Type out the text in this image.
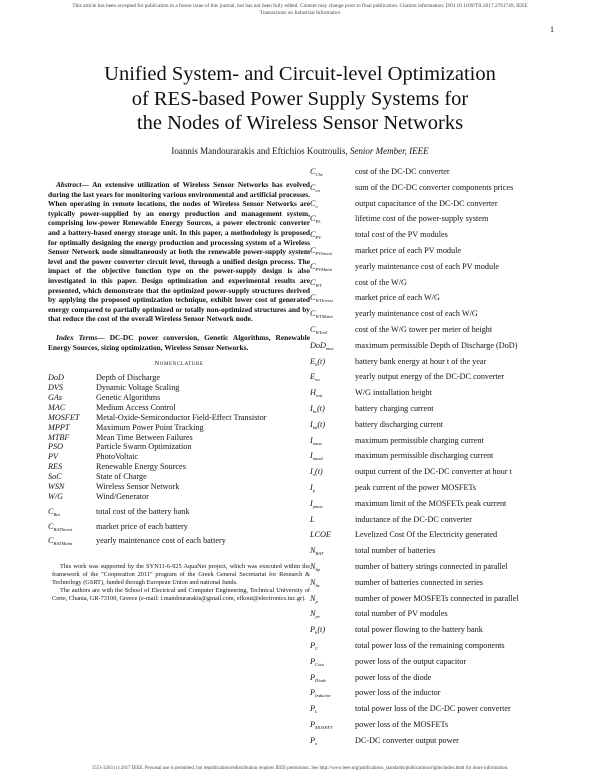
This article has been accepted for publication in a future issue of this journal, but has not been fully edited. Content may change prior to final publication. Citation information: DOI 10.1109/TII.2017.2761749, IEEE
Transactions on Industrial Informatics
1
Unified System- and Circuit-level Optimization
of RES-based Power Supply Systems for
the Nodes of Wireless Sensor Networks
Ioannis Mandourarakis and Eftichios Koutroulis, Senior Member, IEEE

Abstract— An extensive utilization of Wireless Sensor Networks has evolved during the last years for monitoring various environmental and artificial processes. When operating in remote locations, the nodes of Wireless Sensor Networks are typically power-supplied by an energy production and management system, comprising low-power Renewable Energy Sources, a power electronic converter and a battery-based energy storage unit. In this paper, a methodology is proposed for optimally designing the energy production and processing system of a Wireless Sensor Network node simultaneously at both the renewable power-supply system level and the power converter circuit level, through a unified design process. The impact of the objective function type on the power-supply design is also investigated in this paper. Design optimization and experimental results are presented, which demonstrate that the optimized power-supply structures derived by applying the proposed optimization technique, exhibit lower cost of generated energy compared to partially optimized or totally non-optimized structures and by that reduce the cost of the overall Wireless Sensor Network node.

Index Terms— DC-DC power conversion, Genetic Algorithms, Renewable Energy Sources, sizing optimization, Wireless Sensor Networks.

Nomenclature
DoD	Depth of Discharge
DVS	Dynamic Voltage Scaling
GAs	Genetic Algorithms
MAC	Medium Access Control
MOSFET	Metal-Oxide-Semiconductor Field-Effect Transistor
MPPT	Maximum Power Point Tracking
MTBF	Mean Time Between Failures
PSO	Particle Swarm Optimization
PV	PhotoVoltaic
RES	Renewable Energy Sources
SoC	State of Charge
WSN	Wireless Sensor Network
W/G	Wind/Generator
$C_{Bat}$	total cost of the battery bank
$C_{BATInvest}$	market price of each battery
$C_{BATMaint}$	yearly maintenance cost of each battery

This work was supported by the SYN11-6-925 AquaNet project, which was executed within the framework of the "Cooperation 2011" program of the Greek General Secretariat for Research & Technology (GSRT), funded through European Union and national funds.

The authors are with the School of Electrical and Computer Engineering, Technical University of Crete, Chania, GR-73100, Greece (e-mail: i.mandourarakis@gmail.com, efkout@electronics.tuc.gr).

$C_{Che}$	cost of the DC-DC converter
$C_{cn}$	sum of the DC-DC converter components prices
$C_o$	output capacitance of the DC-DC converter
$C_{PL}$	lifetime cost of the power-supply system
$C_{PV}$	total cost of the PV modules
$C_{PVInvest}$	market price of each PV module
$C_{PVMaint}$	yearly maintenance cost of each PV module
$C_{WT}$	cost of the W/G
$C_{WTInvest}$	market price of each W/G
$C_{WTMaint}$	yearly maintenance cost of each W/G
$C_{WTool}$	cost of the W/G tower per meter of height
DoD$_{max}$	maximum permissible Depth of Discharge (DoD)
$E_b(t)$	battery bank energy at hour t of the year
$E_{oa}$	yearly output energy of the DC-DC converter
$H_{inst}$	W/G installation height
$I_{bc}(t)$	battery charging current
$I_{bd}(t)$	battery discharging current
$I_{maxc}$	maximum permissible charging current
$I_{maxd}$	maximum permissible discharging current
$I_o(t)$	output current of the DC-DC converter at hour t
$I_p$	peak current of the power MOSFETs
$I_{pmax}$	maximum limit of the MOSFETs peak current
L	inductance of the DC-DC converter
LCOE	Levelized Cost Of the Electricity generated
$N_{BAT}$	total number of batteries
$N_{bp}$	number of battery strings connected in parallel
$N_{bs}$	number of batteries connected in series
$N_p$	number of power MOSFETs connected in parallel
$N_{pv}$	total number of PV modules
$P_b(t)$	total power flowing to the battery bank
$P_C$	total power loss of the remaining components
$P_{Cout}$	power loss of the output capacitor
$P_{Diode}$	power loss of the diode
$P_{Inductor}$	power loss of the inductor
$P_L$	total power loss of the DC-DC power converter
$P_{MOSFET}$	power loss of the MOSFETs
$P_o$	DC-DC converter output power
1551-3203 (c) 2017 IEEE. Personal use is permitted, but republication/redistribution requires IEEE permission. See http://www.ieee.org/publications_standards/publications/rights/index.html for more information.
